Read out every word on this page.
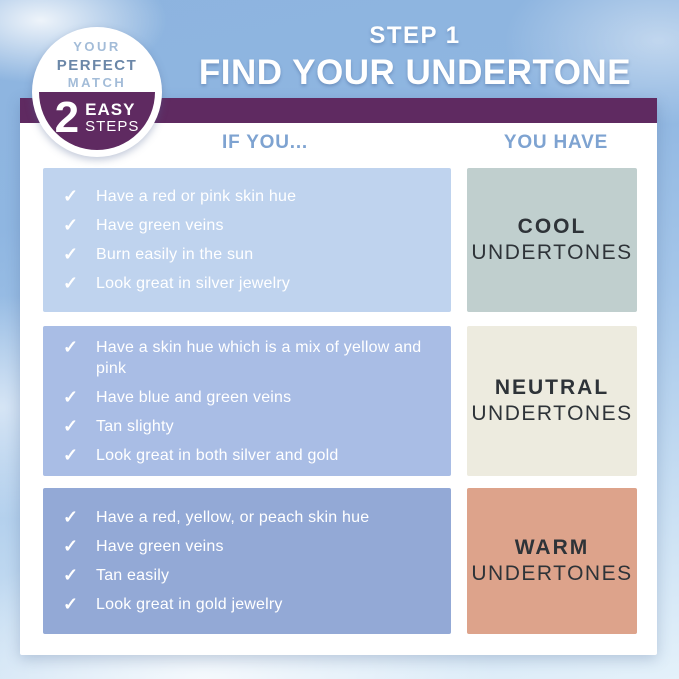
STEP 1
FIND YOUR UNDERTONE
IF YOU...	YOU HAVE
✓ Have a red or pink skin hue
✓ Have green veins
✓ Burn easily in the sun
✓ Look great in silver jewelry
COOL
UNDERTONES
✓ Have a skin hue which is a mix of yellow and pink
✓ Have blue and green veins
✓ Tan slighty
✓ Look great in both silver and gold
NEUTRAL
UNDERTONES
✓ Have a red, yellow, or peach skin hue
✓ Have green veins
✓ Tan easily
✓ Look great in gold jewelry
WARM
UNDERTONES
YOUR
PERFECT
MATCH
2 EASY
STEPS
